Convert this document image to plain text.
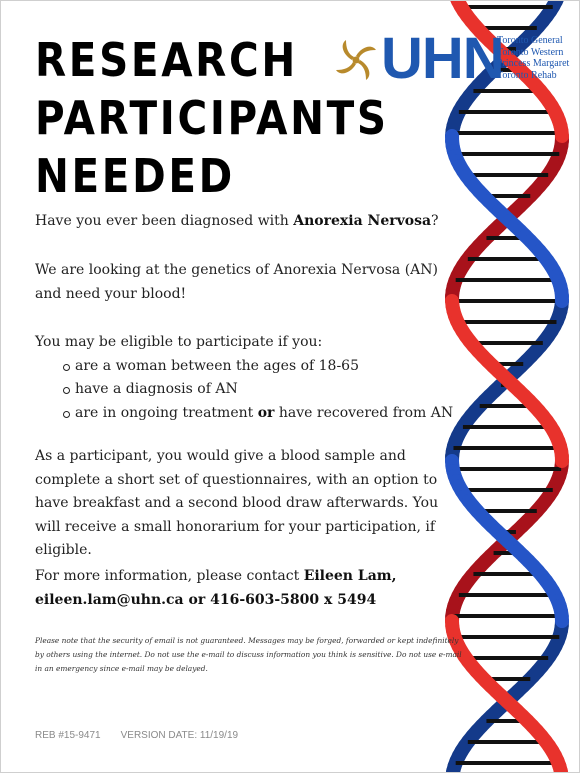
RESEARCH
PARTICIPANTS
NEEDED
UHN
Toronto General
Toronto Western
Princess Margaret
Toronto Rehab

Have you ever been diagnosed with Anorexia Nervosa?

We are looking at the genetics of Anorexia Nervosa (AN) and need your blood!

You may be eligible to participate if you:
are a woman between the ages of 18-65
have a diagnosis of AN
are in ongoing treatment or have recovered from AN

As a participant, you would give a blood sample and complete a short set of questionnaires, with an option to have breakfast and a second blood draw afterwards. You will receive a small honorarium for your participation, if eligible.

For more information, please contact Eileen Lam,
eileen.lam@uhn.ca or 416-603-5800 x 5494

Please note that the security of email is not guaranteed. Messages may be forged, forwarded or kept indefinitely by others using the internet. Do not use the e-mail to discuss information you think is sensitive. Do not use e-mail in an emergency since e-mail may be delayed.

REB #15-9471 VERSION DATE: 11/19/19
